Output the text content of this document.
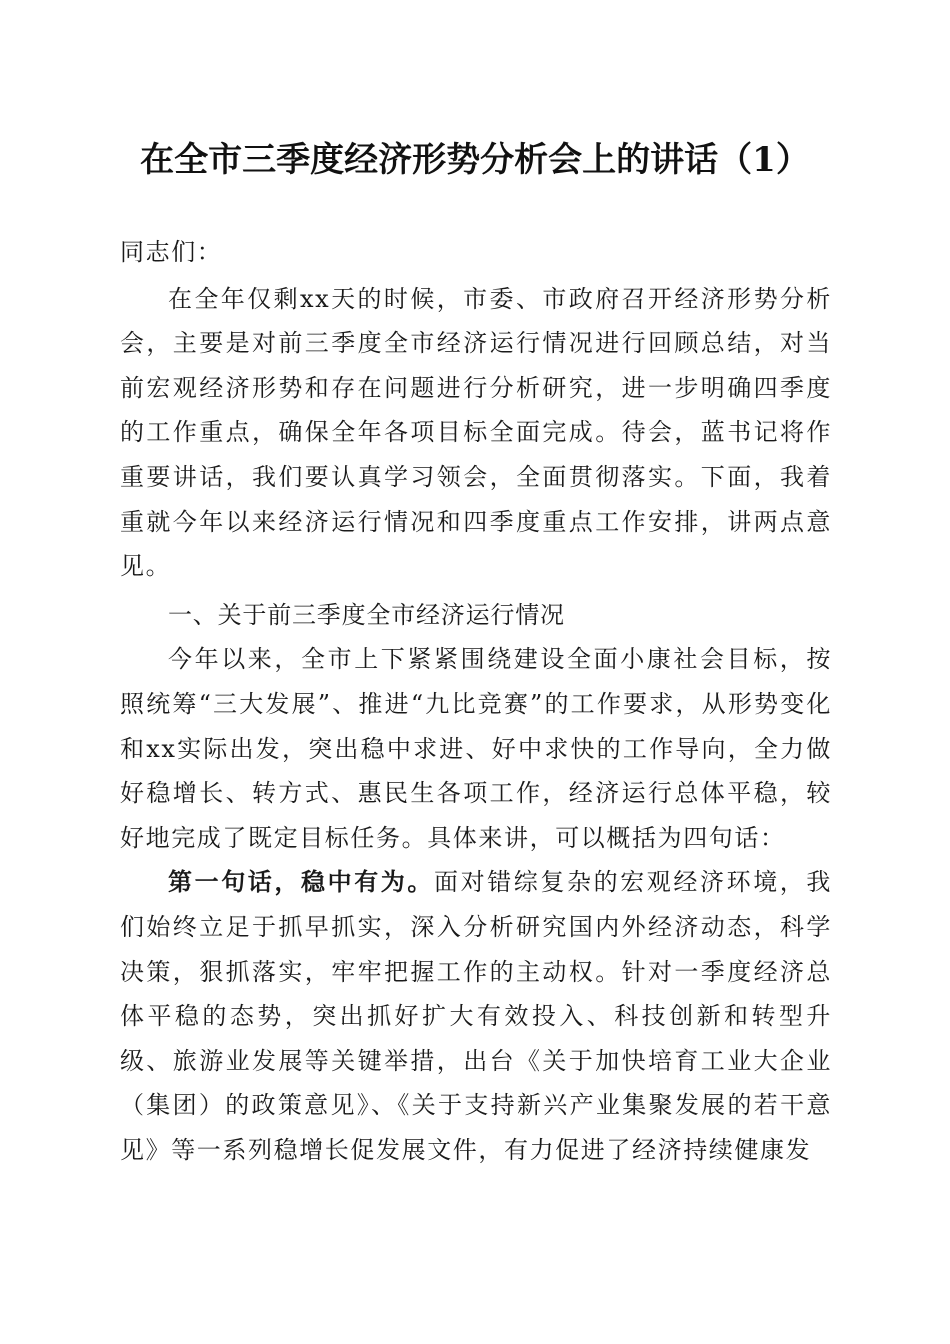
在全市三季度经济形势分析会上的讲话（1）

同志们：

在全年仅剩xx天的时候，市委、市政府召开经济形势分析会，主要是对前三季度全市经济运行情况进行回顾总结，对当前宏观经济形势和存在问题进行分析研究，进一步明确四季度的工作重点，确保全年各项目标全面完成。待会，蓝书记将作重要讲话，我们要认真学习领会，全面贯彻落实。下面，我着重就今年以来经济运行情况和四季度重点工作安排，讲两点意见。

一、关于前三季度全市经济运行情况

今年以来，全市上下紧紧围绕建设全面小康社会目标，按照统筹“三大发展”、推进“九比竞赛”的工作要求，从形势变化和xx实际出发，突出稳中求进、好中求快的工作导向，全力做好稳增长、转方式、惠民生各项工作，经济运行总体平稳，较好地完成了既定目标任务。具体来讲，可以概括为四句话：

第一句话，稳中有为。面对错综复杂的宏观经济环境，我们始终立足于抓早抓实，深入分析研究国内外经济动态，科学决策，狠抓落实，牢牢把握工作的主动权。针对一季度经济总体平稳的态势，突出抓好扩大有效投入、科技创新和转型升级、旅游业发展等关键举措，出台《关于加快培育工业大企业（集团）的政策意见》、《关于支持新兴产业集聚发展的若干意见》等一系列稳增长促发展文件，有力促进了经济持续健康发
